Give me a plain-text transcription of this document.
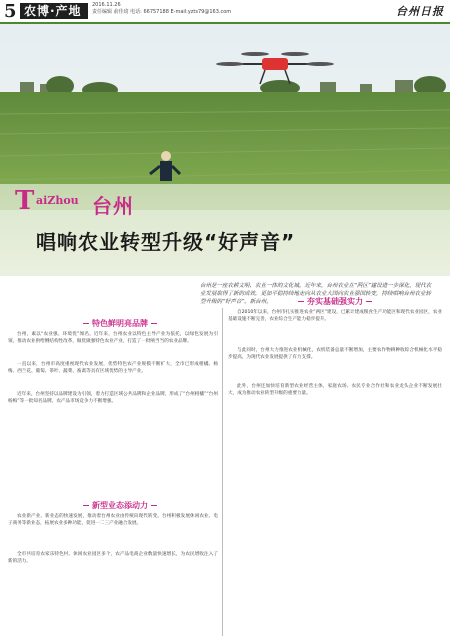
5 农博·产地	2016.11.26
责任编辑 俞佳琦 电话: 66757188 E-mail:yzts79@163.com	台州日报
T aiZhou 台州
唱响农业转型升级“好声音”

台州是一座农耕文明、农业一体的文化城。近年来，台州农业在“两区”建设进一步深化，现代农业发展取得了新的成效，更加平稳持续地走向从农业大国向农业强国转变，持续唱响台州农业转型升级的“好声音”。新台州。

特色鲜明亮品牌

台州，素以“农业强、环境优”闻名。近年来，台州农业以特色主导产业为依托，以绿色发展为引领，推动农业供给侧结构性改革，做优做强特色农业产业，打造了一批响当当的农业品牌。

一直以来，台州市高度重视现代农业发展，优势特色农产业规模不断扩大，全市已形成柑橘、杨梅、西兰花、葡萄、茶叶、蔬菜、畜禽等具有区域优势的主导产业。

近年来，台州坚持以品牌建设为引领，着力打造区域公共品牌和企业品牌，形成了“台州柑橘”“台州杨梅”等一批知名品牌，农产品市场竞争力不断增强。

夯实基础强实力

自2010年以来，台州市扎实推进农业“两区”建设，已累计建成粮食生产功能区和现代农业园区，农业基础设施不断完善，农业综合生产能力稳步提升。

与此同时，台州大力推进农业机械化，农机装备总量不断增加，主要农作物耕种收综合机械化水平稳步提高，为现代农业发展提供了有力支撑。

此外，台州还加快培育新型农业经营主体，家庭农场、农民专业合作社和农业龙头企业不断发展壮大，成为推动农业转型升级的重要力量。

新型业态添动力

农业新产业、新业态的快速发展，推动着台州农业由传统向现代转变。台州积极发展休闲农业、电子商务等新业态，拓展农业多种功能，促进一二三产业融合发展。

全市共培育农家乐特色村、休闲农业园区多个，农产品电商企业数量快速增长，为农民增收注入了新的活力。
